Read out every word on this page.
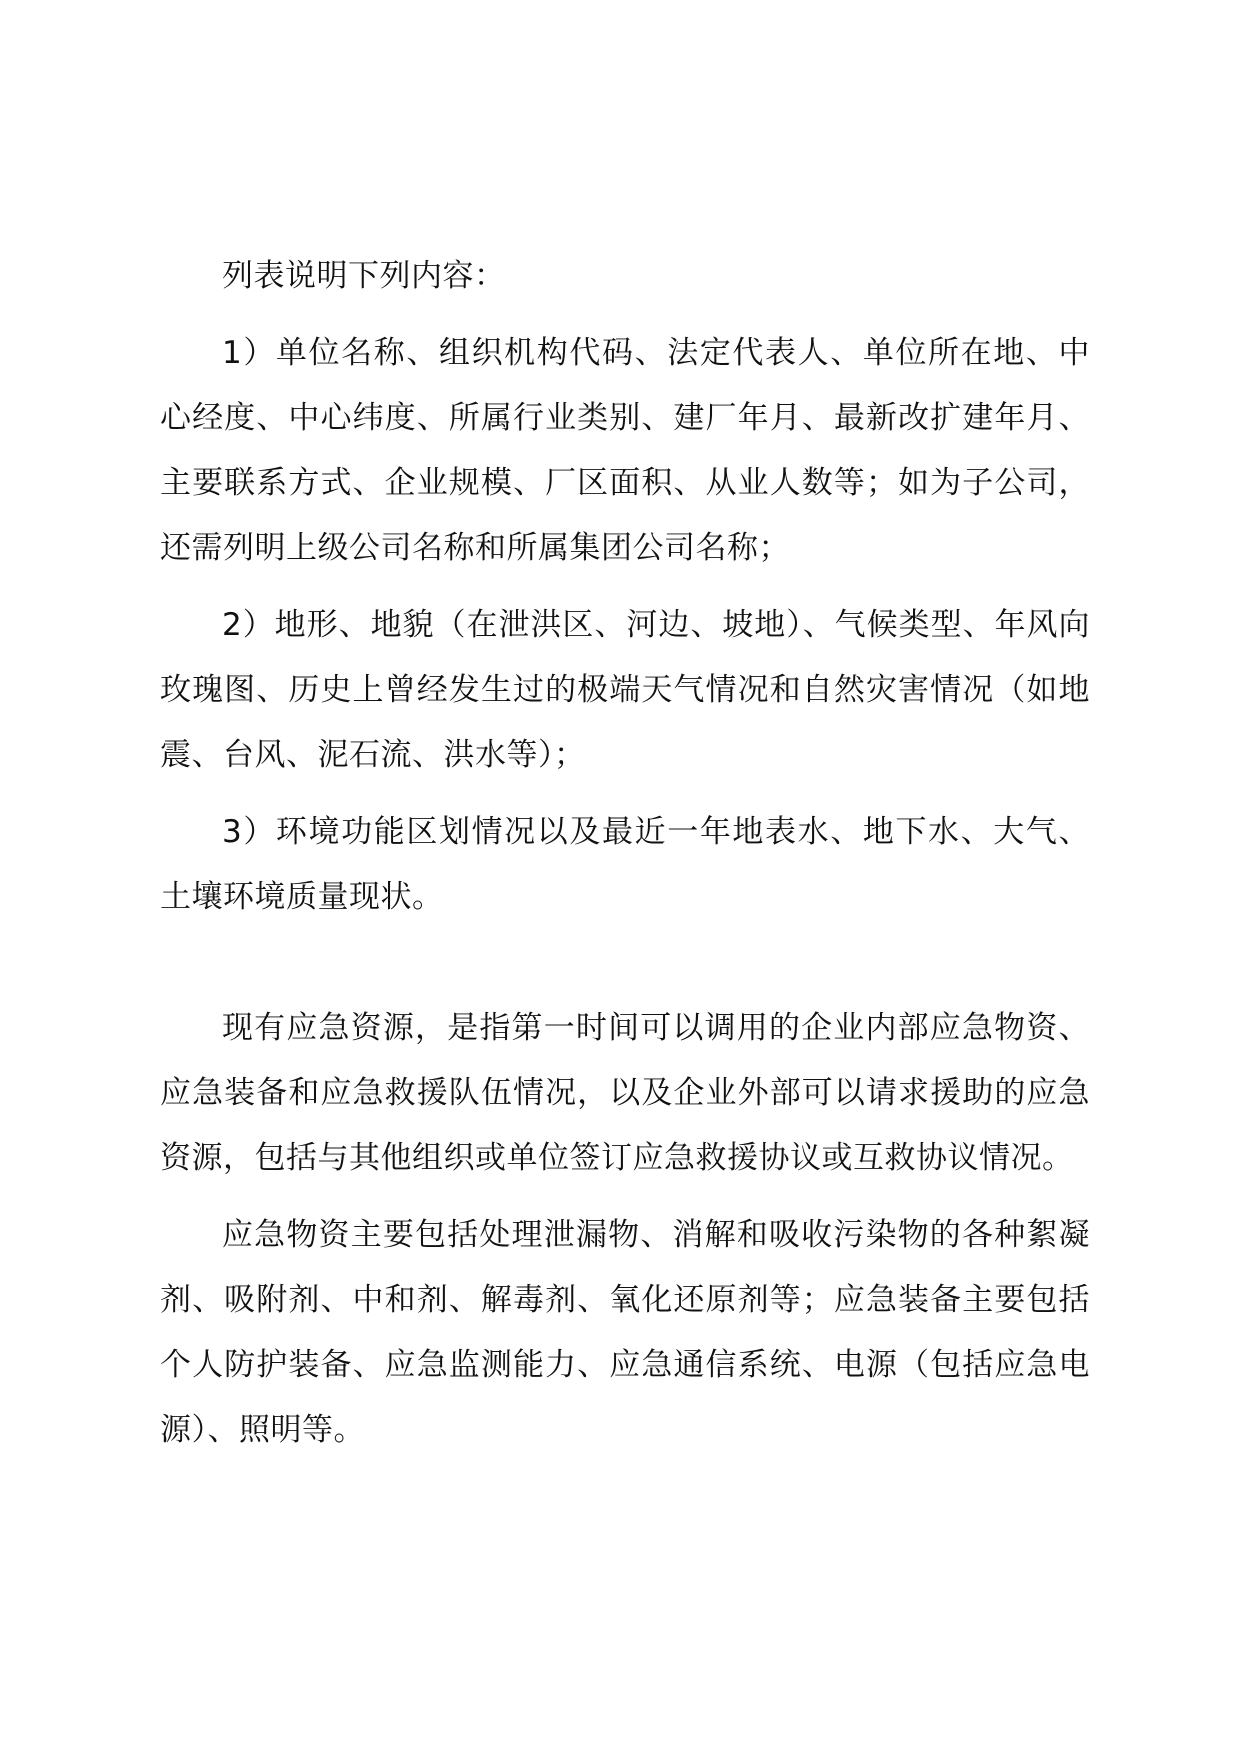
列表说明下列内容：

1）单位名称、组织机构代码、法定代表人、单位所在地、中心经度、中心纬度、所属行业类别、建厂年月、最新改扩建年月、主要联系方式、企业规模、厂区面积、从业人数等；如为子公司，还需列明上级公司名称和所属集团公司名称；

2）地形、地貌（在泄洪区、河边、坡地）、气候类型、年风向玫瑰图、历史上曾经发生过的极端天气情况和自然灾害情况（如地震、台风、泥石流、洪水等）；

3）环境功能区划情况以及最近一年地表水、地下水、大气、土壤环境质量现状。

现有应急资源，是指第一时间可以调用的企业内部应急物资、应急装备和应急救援队伍情况，以及企业外部可以请求援助的应急资源，包括与其他组织或单位签订应急救援协议或互救协议情况。

应急物资主要包括处理泄漏物、消解和吸收污染物的各种絮凝剂、吸附剂、中和剂、解毒剂、氧化还原剂等；应急装备主要包括个人防护装备、应急监测能力、应急通信系统、电源（包括应急电源）、照明等。
